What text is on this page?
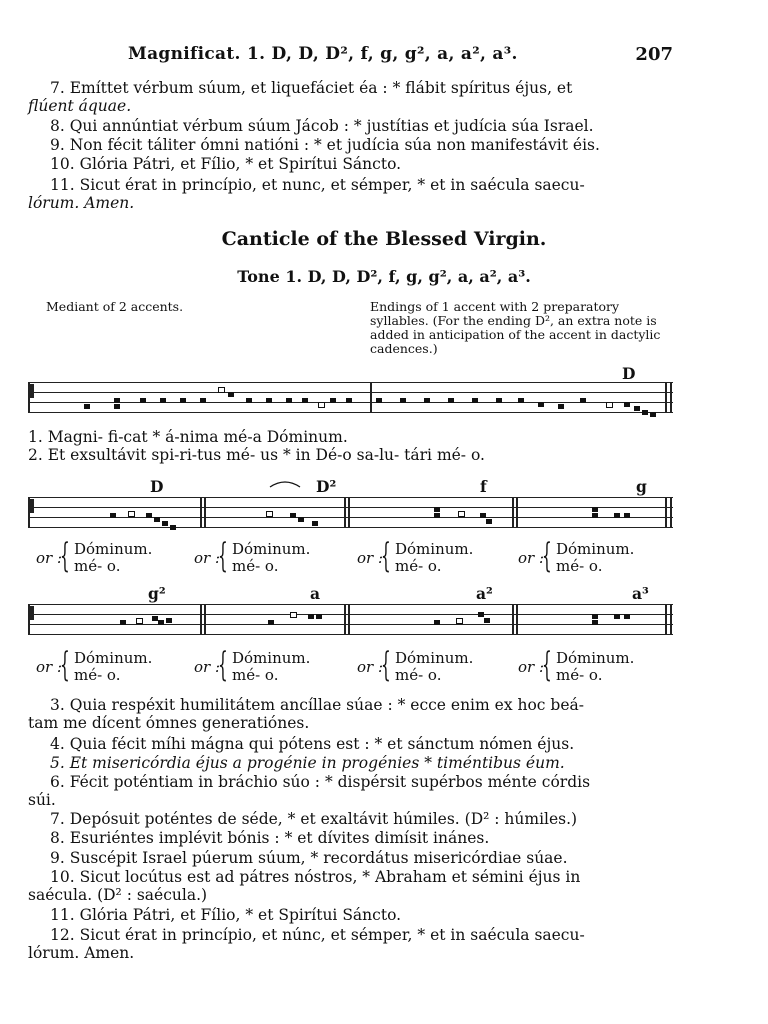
Magnificat. 1. D, D, D², f, g, g², a, a², a³.	207
7. Emíttet vérbum súum, et liquefáciet éa : * flábit spíritus éjus, et
flúent áquae.
8. Qui annúntiat vérbum súum Jácob : * justítias et judícia súa Israel.
9. Non fécit táliter ómni natióni : * et judícia súa non manifestávit éis.
10. Glória Pátri, et Fílio, * et Spirítui Sáncto.
11. Sicut érat in princípio, et nunc, et sémper, * et in saécula saecu-
lórum. Amen.
Canticle of the Blessed Virgin.
Tone 1. D, D, D², f, g, g², a, a², a³.
Mediant of 2 accents.	Endings of 1 accent with 2 preparatory syllables. (For the ending D², an extra note is added in anticipation of the accent in dactylic cadences.)
D
1. Magni- fi-cat * á-nima mé-a Dóminum.
2. Et exsultávit spi-ri-tus mé- us * in Dé-o sa-lu- tári mé- o.
D	D²	f	g
or :
{ Dóminum.
mé- o.	or :
{ Dóminum.
mé- o.	or :
{ Dóminum.
mé- o.	or :
{ Dóminum.
mé- o.
g²	a	a²	a³
or :
{ Dóminum.
mé- o.	or :
{ Dóminum.
mé- o.	or :
{ Dóminum.
mé- o.	or :
{ Dóminum.
mé- o.
3. Quia respéxit humilitátem ancíllae súae : * ecce enim ex hoc beá-
tam me dícent ómnes generatiónes.
4. Quia fécit míhi mágna qui pótens est : * et sánctum nómen éjus.
5. Et misericórdia éjus a progénie in progénies * timéntibus éum.
6. Fécit poténtiam in bráchio súo : * dispérsit supérbos ménte córdis
súi.
7. Depósuit poténtes de séde, * et exaltávit húmiles. (D² : húmiles.)
8. Esuriéntes implévit bónis : * et dívites dimísit inánes.
9. Suscépit Israel púerum súum, * recordátus misericórdiae súae.
10. Sicut locútus est ad pátres nóstros, * Abraham et sémini éjus in
saécula. (D² : saécula.)
11. Glória Pátri, et Fílio, * et Spirítui Sáncto.
12. Sicut érat in princípio, et núnc, et sémper, * et in saécula saecu-
lórum. Amen.
